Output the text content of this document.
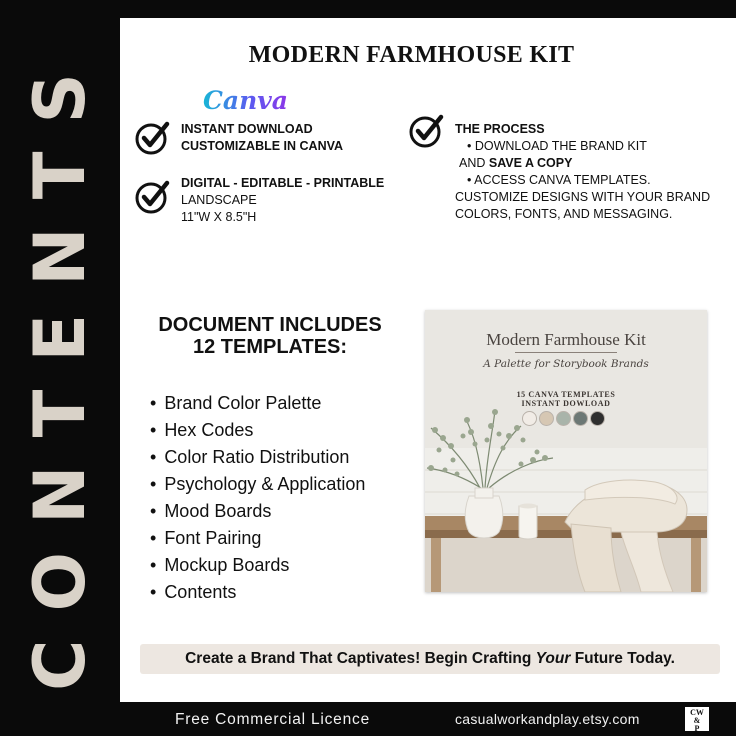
CONTENTS	MODERN FARMHOUSE KIT
Canva
INSTANT DOWNLOAD
CUSTOMIZABLE IN CANVA
DIGITAL - EDITABLE - PRINTABLE
LANDSCAPE
11"W X 8.5"H
THE PROCESS
• DOWNLOAD THE BRAND KIT
AND SAVE A COPY
• ACCESS CANVA TEMPLATES.
CUSTOMIZE DESIGNS WITH YOUR BRAND
COLORS, FONTS, AND MESSAGING.
DOCUMENT INCLUDES
12 TEMPLATES:
• Brand Color Palette
• Hex Codes
• Color Ratio Distribution
• Psychology & Application
• Mood Boards
• Font Pairing
• Mockup Boards
• Contents
Modern Farmhouse Kit
A Palette for Storybook Brands
15 CANVA TEMPLATES
INSTANT DOWLOAD
Create a Brand That Captivates! Begin Crafting Your Future Today.
Free Commercial Licence	casualworkandplay.etsy.com	CW
&
P
